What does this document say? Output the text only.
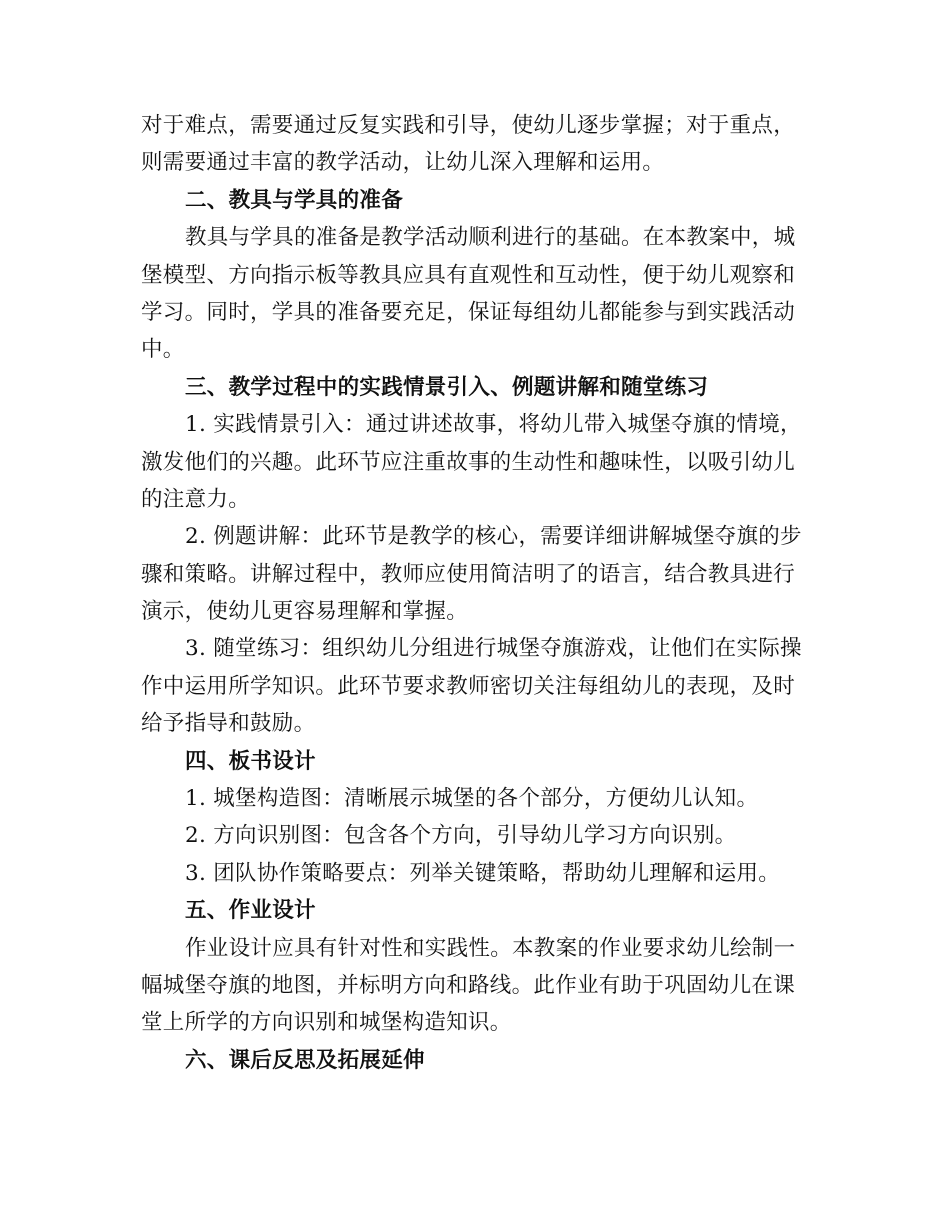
对于难点，需要通过反复实践和引导，使幼儿逐步掌握；对于重点，
则需要通过丰富的教学活动，让幼儿深入理解和运用。
二、教具与学具的准备
教具与学具的准备是教学活动顺利进行的基础。在本教案中，城
堡模型、方向指示板等教具应具有直观性和互动性，便于幼儿观察和
学习。同时，学具的准备要充足，保证每组幼儿都能参与到实践活动
中。
三、教学过程中的实践情景引入、例题讲解和随堂练习
1. 实践情景引入：通过讲述故事，将幼儿带入城堡夺旗的情境，
激发他们的兴趣。此环节应注重故事的生动性和趣味性，以吸引幼儿
的注意力。
2. 例题讲解：此环节是教学的核心，需要详细讲解城堡夺旗的步
骤和策略。讲解过程中，教师应使用简洁明了的语言，结合教具进行
演示，使幼儿更容易理解和掌握。
3. 随堂练习：组织幼儿分组进行城堡夺旗游戏，让他们在实际操
作中运用所学知识。此环节要求教师密切关注每组幼儿的表现，及时
给予指导和鼓励。
四、板书设计
1. 城堡构造图：清晰展示城堡的各个部分，方便幼儿认知。
2. 方向识别图：包含各个方向，引导幼儿学习方向识别。
3. 团队协作策略要点：列举关键策略，帮助幼儿理解和运用。
五、作业设计
作业设计应具有针对性和实践性。本教案的作业要求幼儿绘制一
幅城堡夺旗的地图，并标明方向和路线。此作业有助于巩固幼儿在课
堂上所学的方向识别和城堡构造知识。
六、课后反思及拓展延伸
